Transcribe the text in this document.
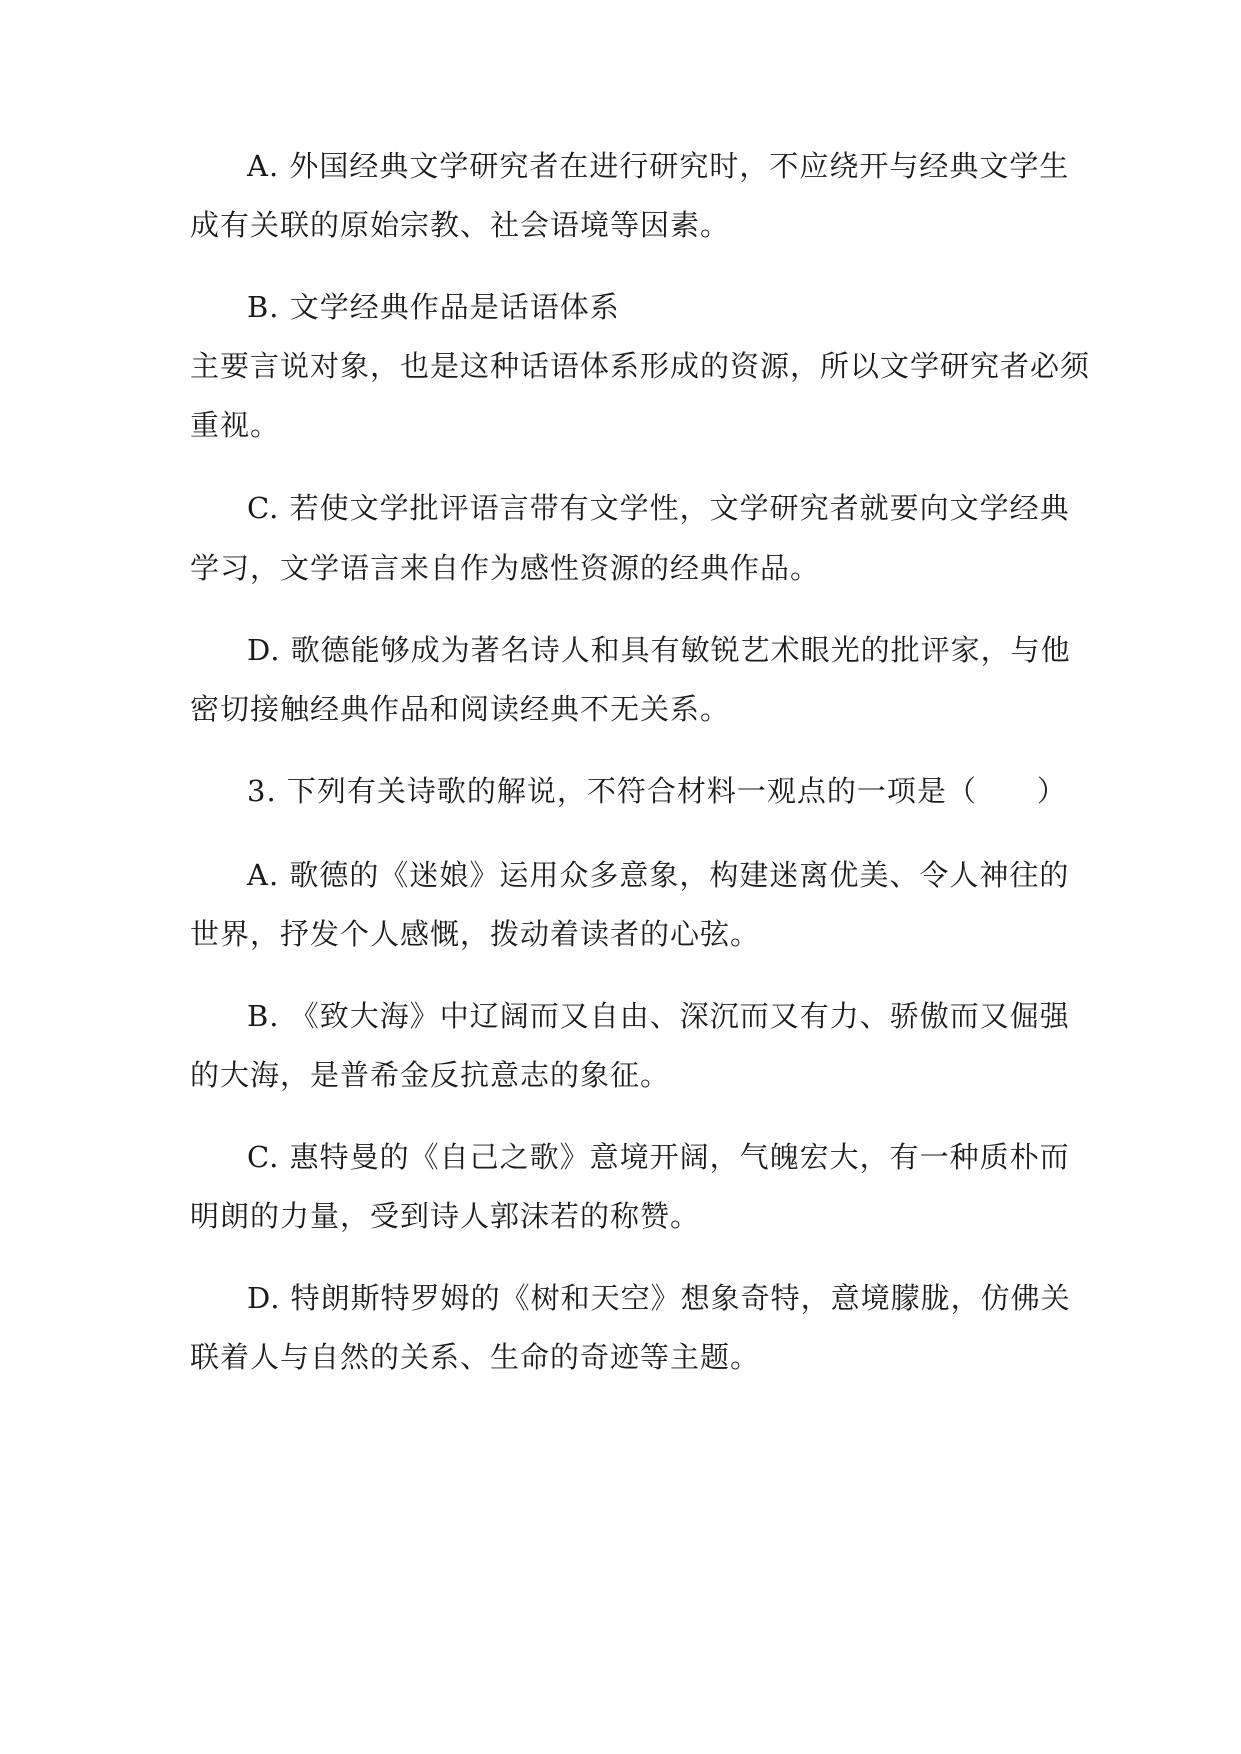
A. 外国经典文学研究者在进行研究时，不应绕开与经典文学生
成有关联的原始宗教、社会语境等因素。
B. 文学经典作品是话语体系
主要言说对象，也是这种话语体系形成的资源，所以文学研究者必须
重视。
C. 若使文学批评语言带有文学性，文学研究者就要向文学经典
学习，文学语言来自作为感性资源的经典作品。
D. 歌德能够成为著名诗人和具有敏锐艺术眼光的批评家，与他
密切接触经典作品和阅读经典不无关系。
3. 下列有关诗歌的解说，不符合材料一观点的一项是（ ）
A. 歌德的《迷娘》运用众多意象，构建迷离优美、令人神往的
世界，抒发个人感慨，拨动着读者的心弦。
B. 《致大海》中辽阔而又自由、深沉而又有力、骄傲而又倔强
的大海，是普希金反抗意志的象征。
C. 惠特曼的《自己之歌》意境开阔，气魄宏大，有一种质朴而
明朗的力量，受到诗人郭沫若的称赞。
D. 特朗斯特罗姆的《树和天空》想象奇特，意境朦胧，仿佛关
联着人与自然的关系、生命的奇迹等主题。
